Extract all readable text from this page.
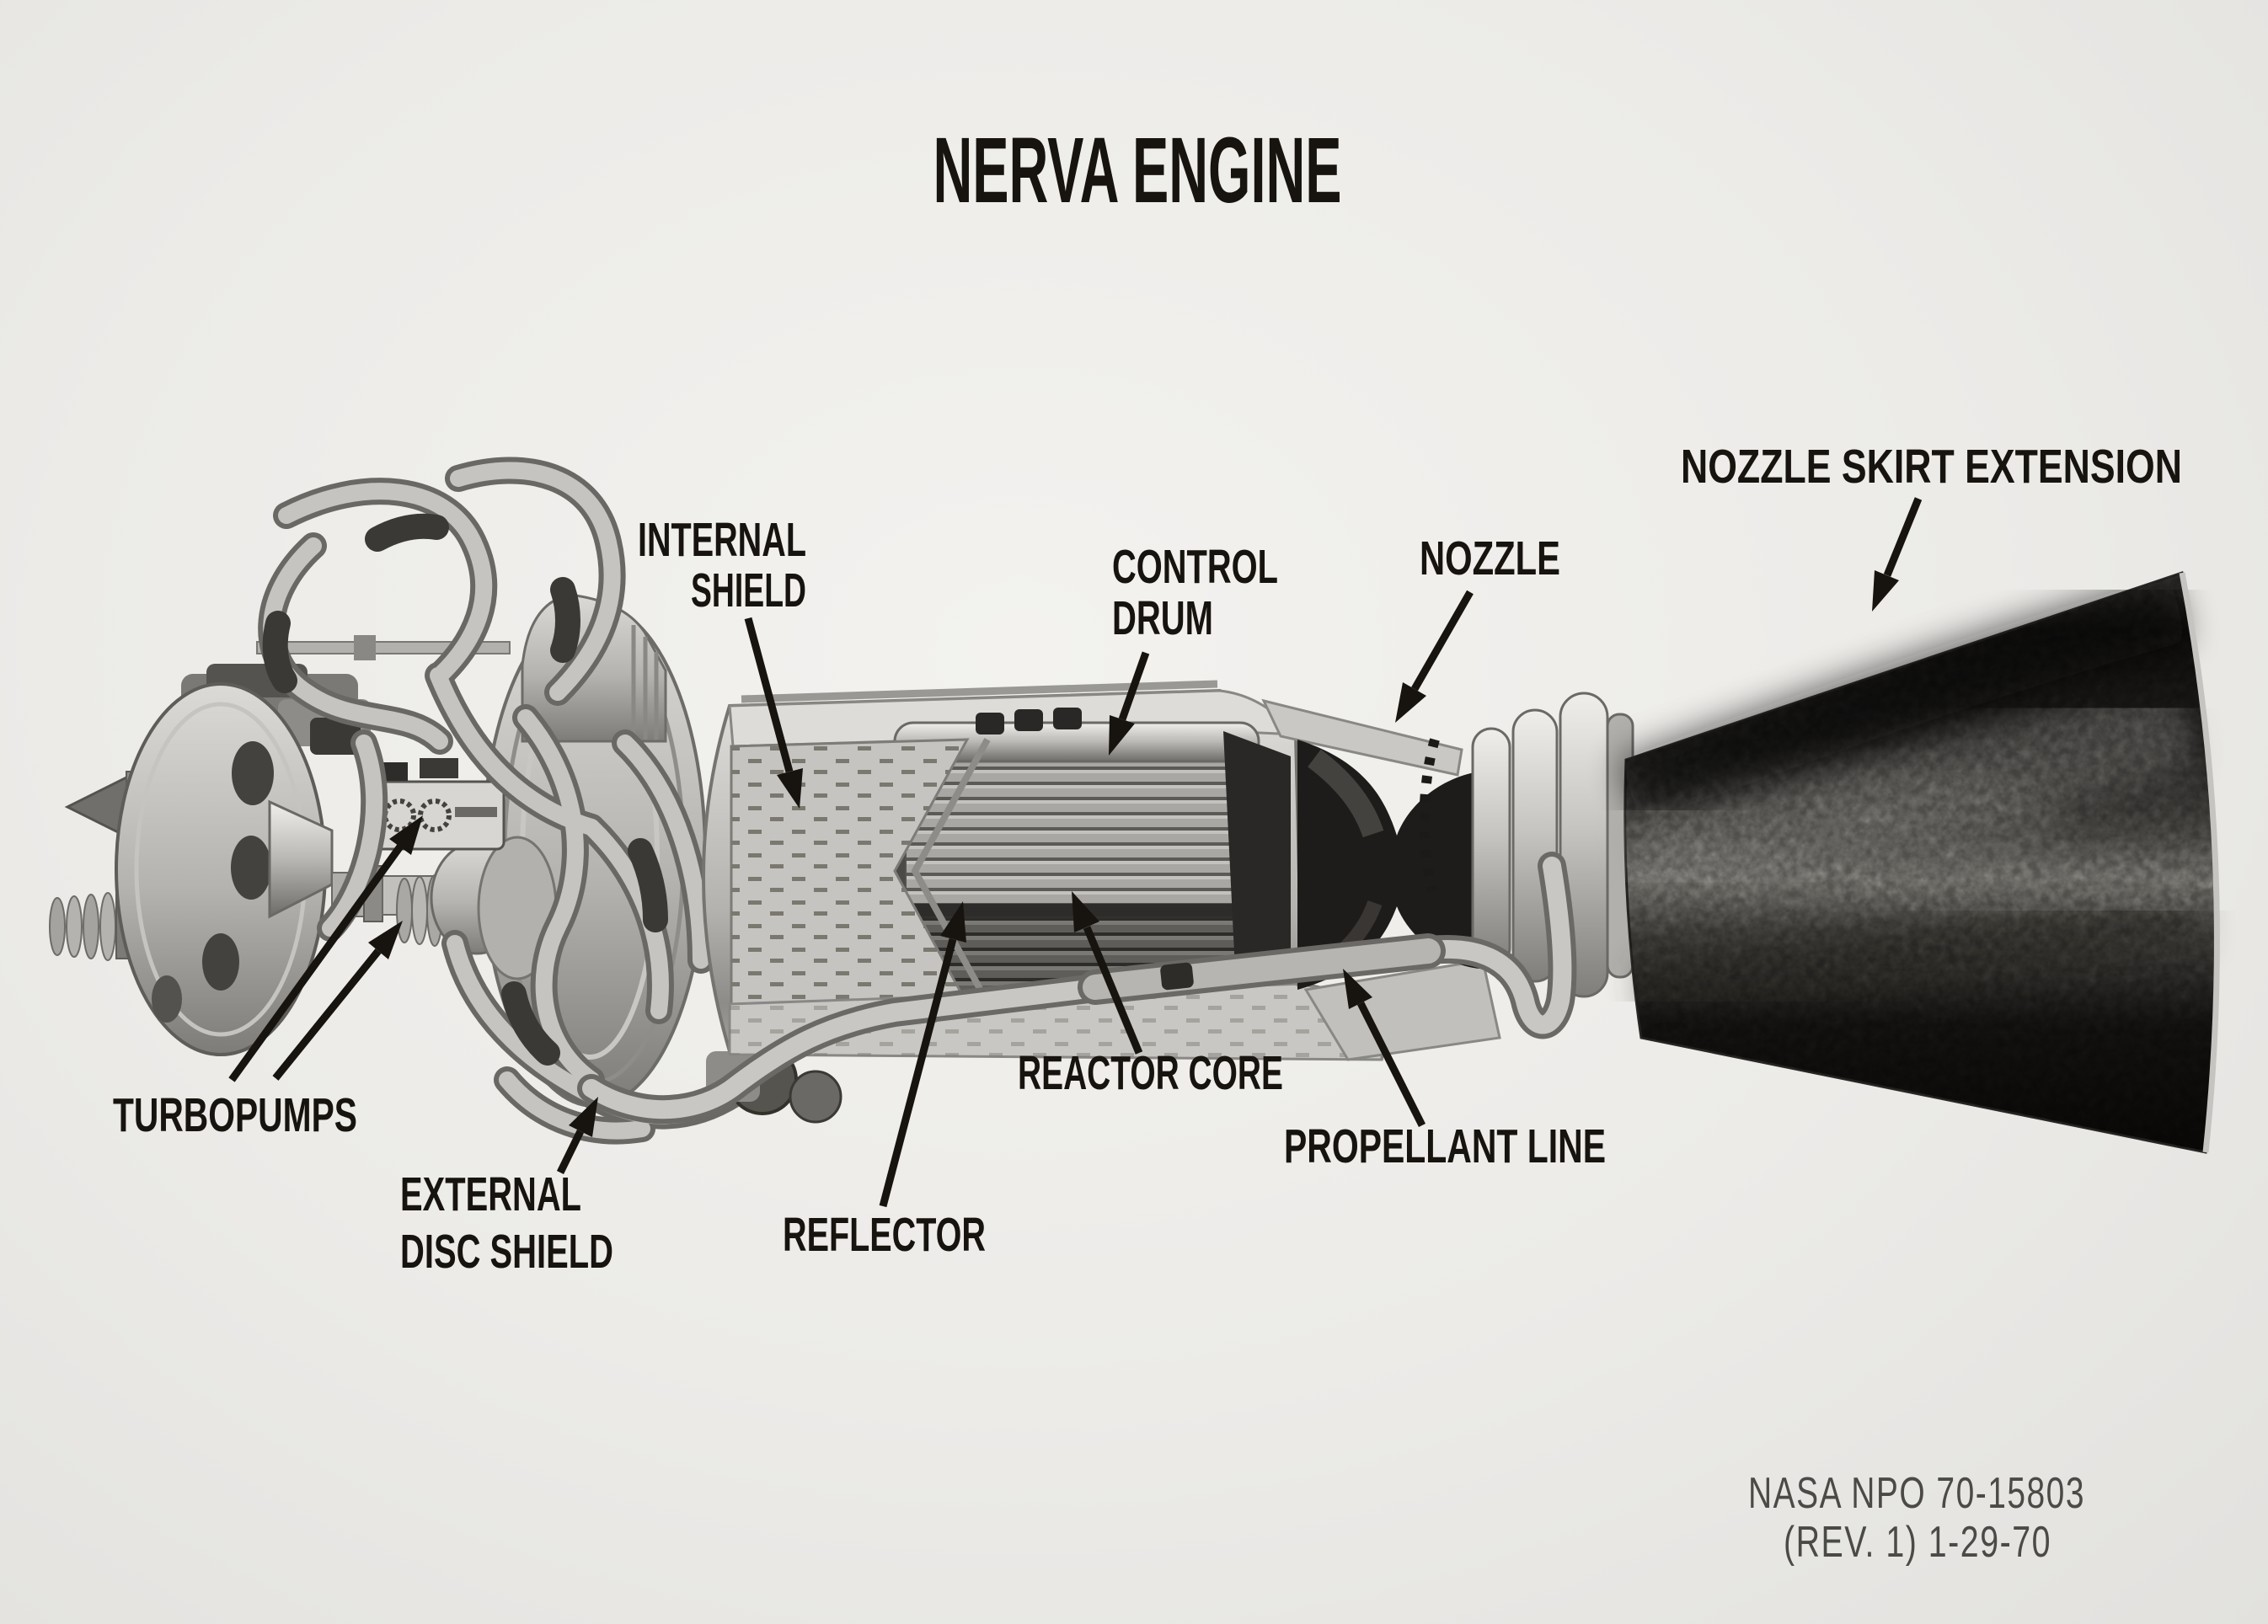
NERVA ENGINE
NOZZLE SKIRT EXTENSION
INTERNAL
SHIELD	CONTROL
DRUM
NOZZLE
TURBOPUMPS
EXTERNAL
DISC SHIELD	REFLECTOR
REACTOR CORE
PROPELLANT LINE
NASA NPO 70-15803
(REV. 1) 1-29-70
